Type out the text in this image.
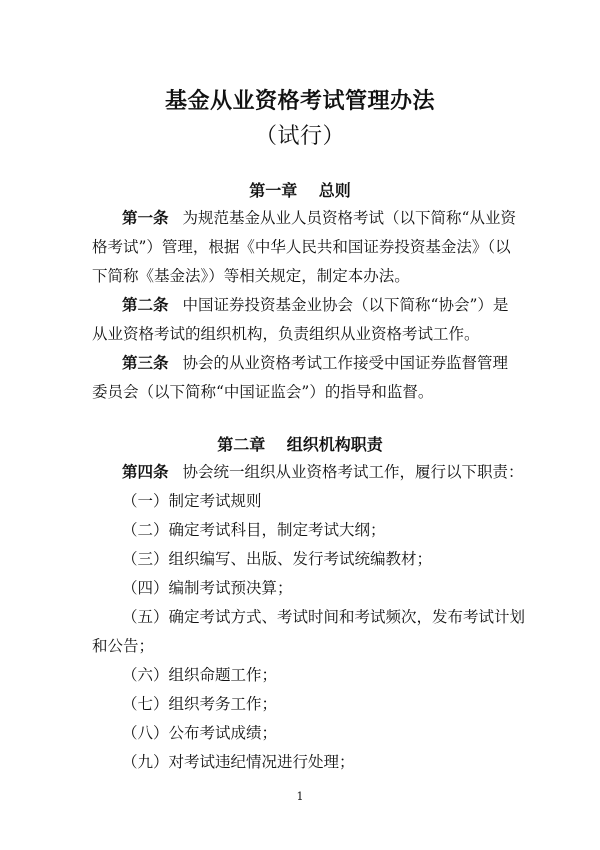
基金从业资格考试管理办法
（试行）
第一章　 总则
第一条 为规范基金从业人员资格考试（以下简称“从业资
格考试”）管理，根据《中华人民共和国证券投资基金法》（以
下简称《基金法》）等相关规定，制定本办法。
第二条 中国证券投资基金业协会（以下简称“协会”）是
从业资格考试的组织机构，负责组织从业资格考试工作。
第三条 协会的从业资格考试工作接受中国证券监督管理
委员会（以下简称“中国证监会”）的指导和监督。
第二章　 组织机构职责
第四条 协会统一组织从业资格考试工作，履行以下职责：
（一）制定考试规则
（二）确定考试科目，制定考试大纲；
（三）组织编写、出版、发行考试统编教材；
（四）编制考试预决算；
（五）确定考试方式、考试时间和考试频次，发布考试计划
和公告；
（六）组织命题工作；
（七）组织考务工作；
（八）公布考试成绩；
（九）对考试违纪情况进行处理；
1
